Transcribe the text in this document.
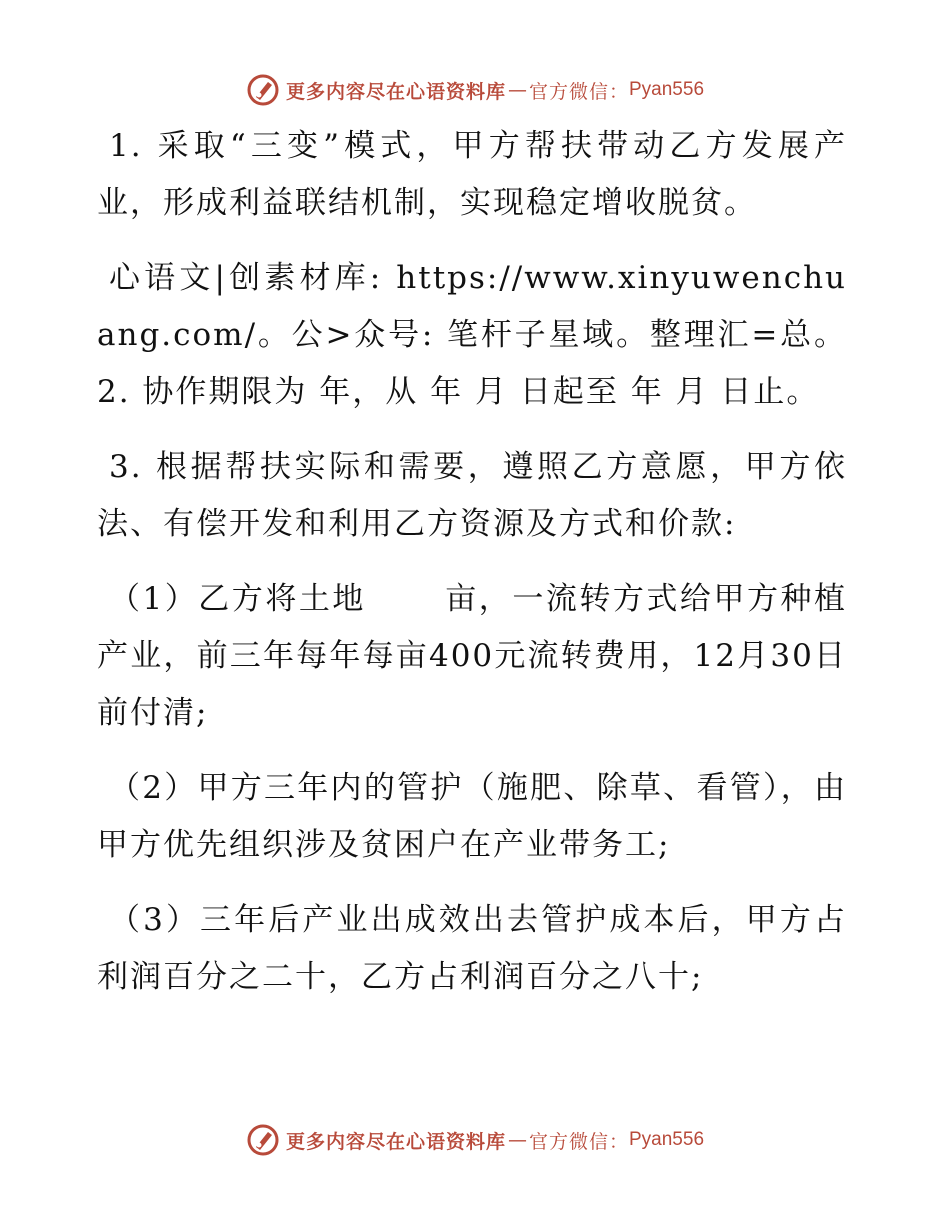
更多内容尽在心语资料库 — 官方微信： Pyan556

1. 采取“三变”模式，甲方帮扶带动乙方发展产业，形成利益联结机制，实现稳定增收脱贫。

心语文|创素材库: https://www.xinyuwenchuang.com/。公>众号: 笔杆子星域。整理汇=总。2. 协作期限为 年，从 年 月 日起至 年 月 日止。

3. 根据帮扶实际和需要，遵照乙方意愿，甲方依法、有偿开发和利用乙方资源及方式和价款:

（1）乙方将土地　　 亩，一流转方式给甲方种植产业，前三年每年每亩400元流转费用，12月30日前付清;

（2）甲方三年内的管护（施肥、除草、看管），由甲方优先组织涉及贫困户在产业带务工;

（3）三年后产业出成效出去管护成本后，甲方占利润百分之二十，乙方占利润百分之八十;

更多内容尽在心语资料库 — 官方微信： Pyan556
